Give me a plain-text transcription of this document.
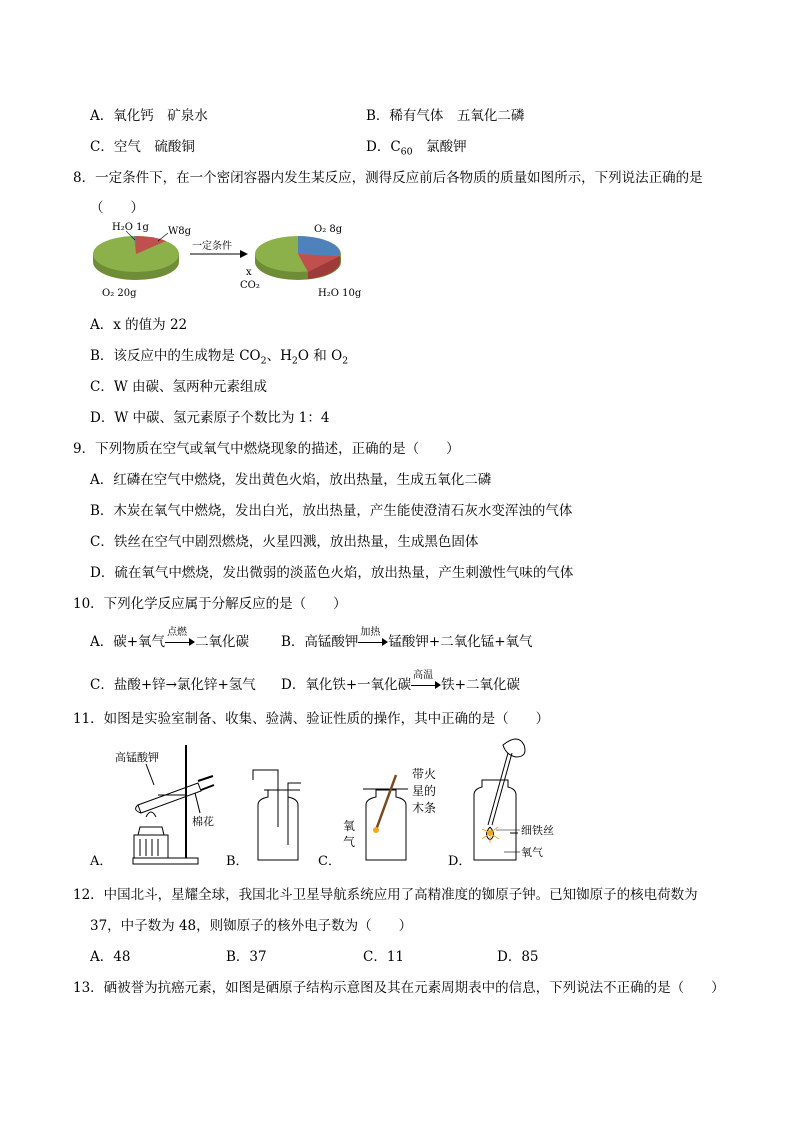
A．氧化钙　矿泉水	B．稀有气体　五氧化二磷
C．空气　硫酸铜	D．$C_{60}$　氯酸钾
8．一定条件下，在一个密闭容器内发生某反应，测得反应前后各物质的质量如图所示，下列说法正确的是
（　　）
H₂O 1g W8g
O₂ 20g
一定条件
O₂ 8g
x
CO₂
H₂O 10g
A．x 的值为 22
B．该反应中的生成物是 $CO_2$、$H_2O$ 和 $O_2$
C．W 由碳、氢两种元素组成
D．W 中碳、氢元素原子个数比为 1：4
9．下列物质在空气或氧气中燃烧现象的描述，正确的是（　　）
A．红磷在空气中燃烧，发出黄色火焰，放出热量，生成五氧化二磷
B．木炭在氧气中燃烧，发出白光，放出热量，产生能使澄清石灰水变浑浊的气体
C．铁丝在空气中剧烈燃烧，火星四溅，放出热量，生成黑色固体
D．硫在氧气中燃烧，发出微弱的淡蓝色火焰，放出热量，产生刺激性气味的气体
10．下列化学反应属于分解反应的是（　　）
A．碳+氧气
点燃
二氧化碳 B．高锰酸钾
加热
锰酸钾+二氧化锰+氧气
C．盐酸+锌→氯化锌+氢气 D．氧化铁+一氧化碳
高温
铁+二氧化碳
11．如图是实验室制备、收集、验满、验证性质的操作，其中正确的是（　　）
高锰酸钾
棉花
A．	B．
带火
星的
木条
氧
气
C．
细铁丝
氧气
D．
12．中国北斗，星耀全球，我国北斗卫星导航系统应用了高精准度的铷原子钟。已知铷原子的核电荷数为
37，中子数为 48，则铷原子的核外电子数为（　　）
A．48	B．37	C．11	D．85
13．硒被誉为抗癌元素，如图是硒原子结构示意图及其在元素周期表中的信息，下列说法不正确的是（　　）
